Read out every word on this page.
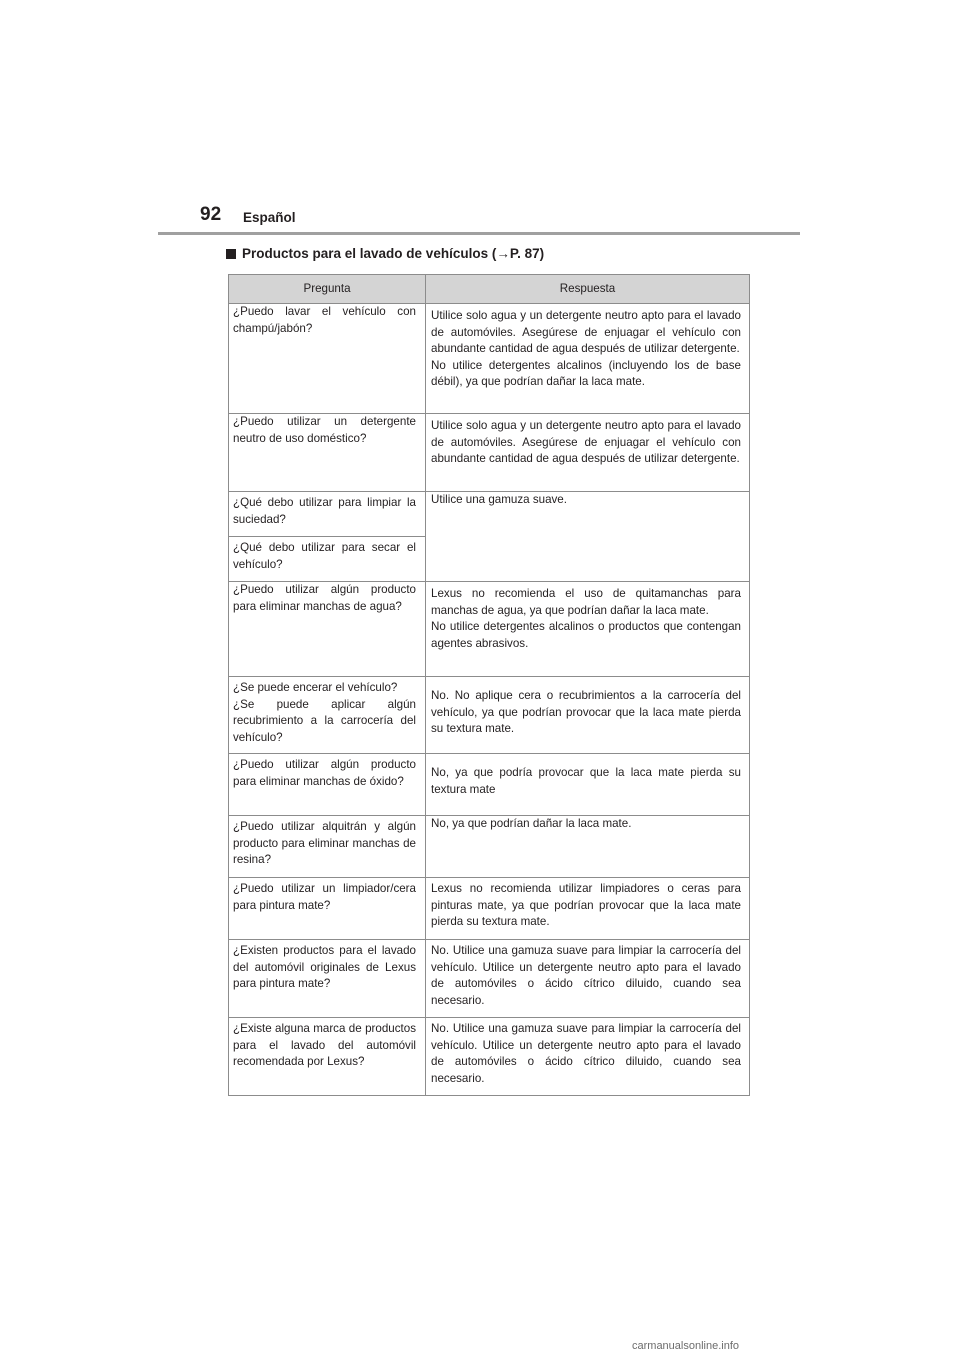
92 Español
Productos para el lavado de vehículos (→P. 87)
Pregunta	Respuesta

¿Puedo lavar el vehículo con champú/jabón?	Utilice solo agua y un detergente neutro apto para el lavado de automóviles. Asegúrese de enjuagar el vehículo con abundante cantidad de agua después de utilizar detergente.
No utilice detergentes alcalinos (incluyendo los de base débil), ya que podrían dañar la laca mate.

¿Puedo utilizar un detergente neutro de uso doméstico?	Utilice solo agua y un detergente neutro apto para el lavado de automóviles. Asegúrese de enjuagar el vehículo con abundante cantidad de agua después de utilizar detergente.

¿Qué debo utilizar para limpiar la suciedad?	Utilice una gamuza suave.

¿Qué debo utilizar para secar el vehículo?	

¿Puedo utilizar algún producto para eliminar manchas de agua?	Lexus no recomienda el uso de quitamanchas para manchas de agua, ya que podrían dañar la laca mate.
No utilice detergentes alcalinos o productos que contengan agentes abrasivos.

¿Se puede encerar el vehículo?
¿Se puede aplicar algún recubrimiento a la carrocería del vehículo?	No. No aplique cera o recubrimientos a la carrocería del vehículo, ya que podrían provocar que la laca mate pierda su textura mate.

¿Puedo utilizar algún producto para eliminar manchas de óxido?	No, ya que podría provocar que la laca mate pierda su textura mate

¿Puedo utilizar alquitrán y algún producto para eliminar manchas de resina?	No, ya que podrían dañar la laca mate.

¿Puedo utilizar un limpiador/cera para pintura mate?	Lexus no recomienda utilizar limpiadores o ceras para pinturas mate, ya que podrían provocar que la laca mate pierda su textura mate.

¿Existen productos para el lavado del automóvil originales de Lexus para pintura mate?	No. Utilice una gamuza suave para limpiar la carrocería del vehículo. Utilice un detergente neutro apto para el lavado de automóviles o ácido cítrico diluido, cuando sea necesario.

¿Existe alguna marca de productos para el lavado del automóvil recomendada por Lexus?	No. Utilice una gamuza suave para limpiar la carrocería del vehículo. Utilice un detergente neutro apto para el lavado de automóviles o ácido cítrico diluido, cuando sea necesario.
carmanualsonline.info
